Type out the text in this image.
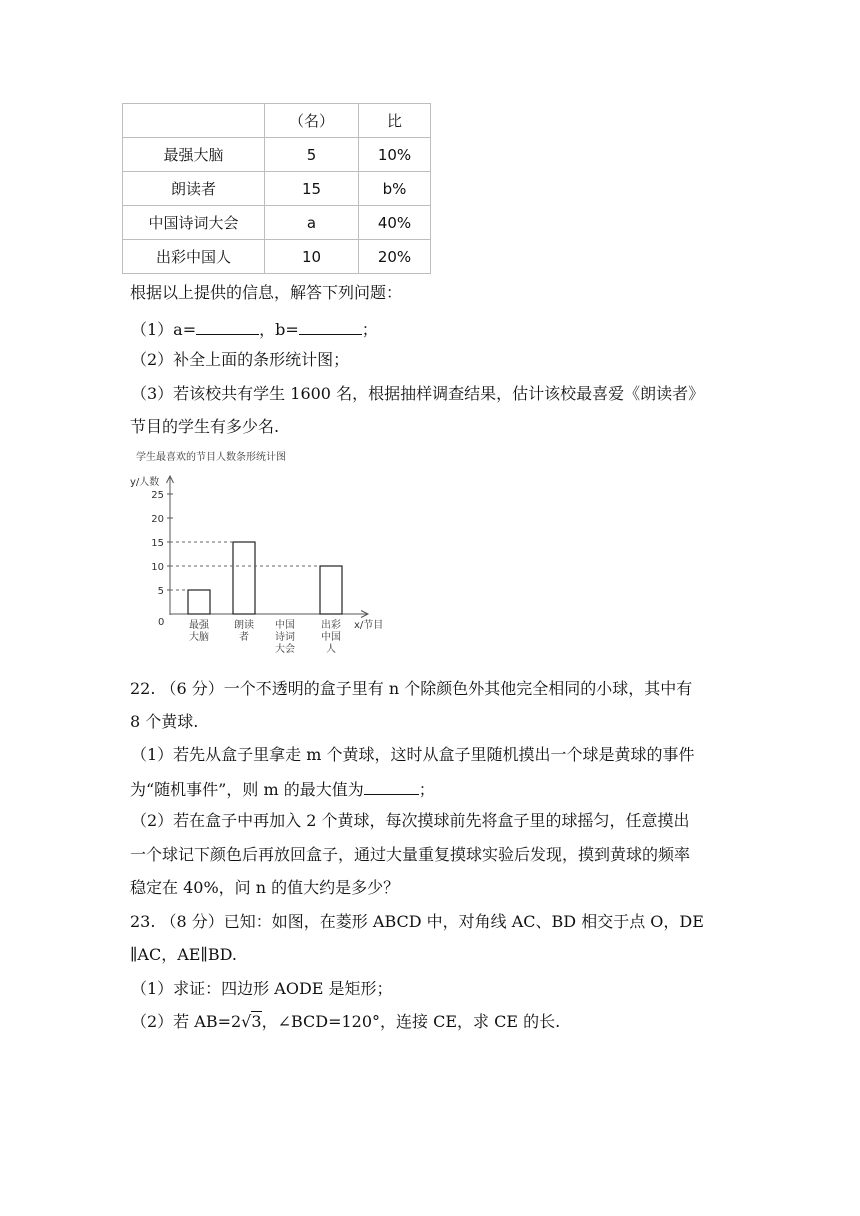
	（名）	比
最强大脑	5	10%
朗读者	15	b%
中国诗词大会	a	40%
出彩中国人	10	20%
根据以上提供的信息，解答下列问题：
（1）a=	，b=	；
（2）补全上面的条形统计图；
（3）若该校共有学生 1600 名，根据抽样调查结果，估计该校最喜爱《朗读者》
节目的学生有多少名.
学生最喜欢的节目人数条形统计图
y/人数
x/节目
0
5
10
15
20
25
最强
大脑
朗读
者
中国
诗词
大会
出彩
中国
人
22. （6 分）一个不透明的盒子里有 n 个除颜色外其他完全相同的小球，其中有
8 个黄球.
（1）若先从盒子里拿走 m 个黄球，这时从盒子里随机摸出一个球是黄球的事件
为“随机事件”，则 m 的最大值为	；
（2）若在盒子中再加入 2 个黄球，每次摸球前先将盒子里的球摇匀，任意摸出
一个球记下颜色后再放回盒子，通过大量重复摸球实验后发现，摸到黄球的频率
稳定在 40%，问 n 的值大约是多少？
23. （8 分）已知：如图，在菱形 ABCD 中，对角线 AC、BD 相交于点 O，DE
∥AC，AE∥BD.
（1）求证：四边形 AODE 是矩形；
（2）若 AB=2√3，∠BCD=120°，连接 CE，求 CE 的长.
